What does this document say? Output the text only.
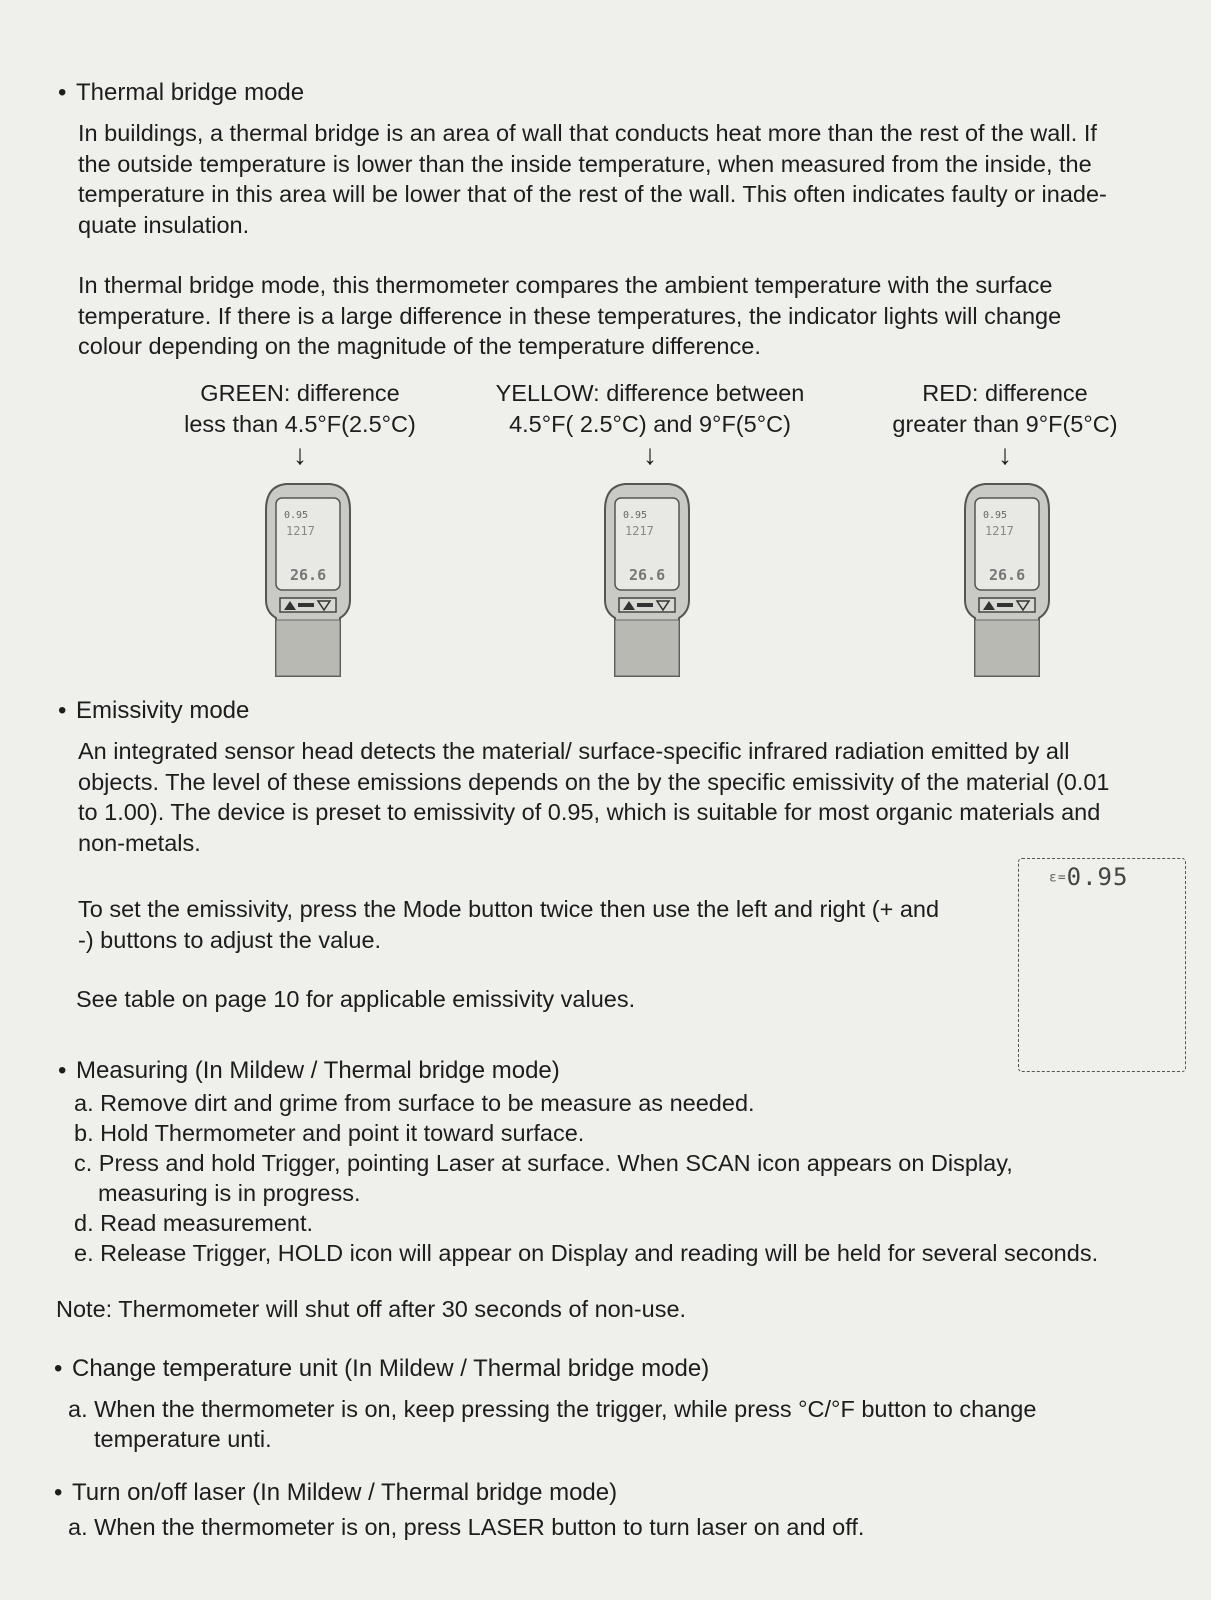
• Thermal bridge mode
In buildings, a thermal bridge is an area of wall that conducts heat more than the rest of the wall. If
the outside temperature is lower than the inside temperature, when measured from the inside, the
temperature in this area will be lower that of the rest of the wall. This often indicates faulty or inade-
quate insulation.
In thermal bridge mode, this thermometer compares the ambient temperature with the surface
temperature. If there is a large difference in these temperatures, the indicator lights will change
colour depending on the magnitude of the temperature difference.
GREEN: difference
less than 4.5°F(2.5°C)
↓
YELLOW: difference between
4.5°F( 2.5°C) and 9°F(5°C)
↓
RED: difference
greater than 9°F(5°C)
↓
0.95
1217
26.6
0.95
1217
26.6
0.95
1217
26.6
• Emissivity mode
An integrated sensor head detects the material/ surface-specific infrared radiation emitted by all
objects. The level of these emissions depends on the by the specific emissivity of the material (0.01
to 1.00). The device is preset to emissivity of 0.95, which is suitable for most organic materials and
non-metals.
To set the emissivity, press the Mode button twice then use the left and right (+ and
-) buttons to adjust the value.
See table on page 10 for applicable emissivity values.
ε=0.95
• Measuring (In Mildew / Thermal bridge mode)
a. Remove dirt and grime from surface to be measure as needed.
b. Hold Thermometer and point it toward surface.
c. Press and hold Trigger, pointing Laser at surface. When SCAN icon appears on Display,
measuring is in progress.
d. Read measurement.
e. Release Trigger, HOLD icon will appear on Display and reading will be held for several seconds.
Note: Thermometer will shut off after 30 seconds of non-use.
• Change temperature unit (In Mildew / Thermal bridge mode)
a. When the thermometer is on, keep pressing the trigger, while press °C/°F button to change
temperature unti.
• Turn on/off laser (In Mildew / Thermal bridge mode)
a. When the thermometer is on, press LASER button to turn laser on and off.
